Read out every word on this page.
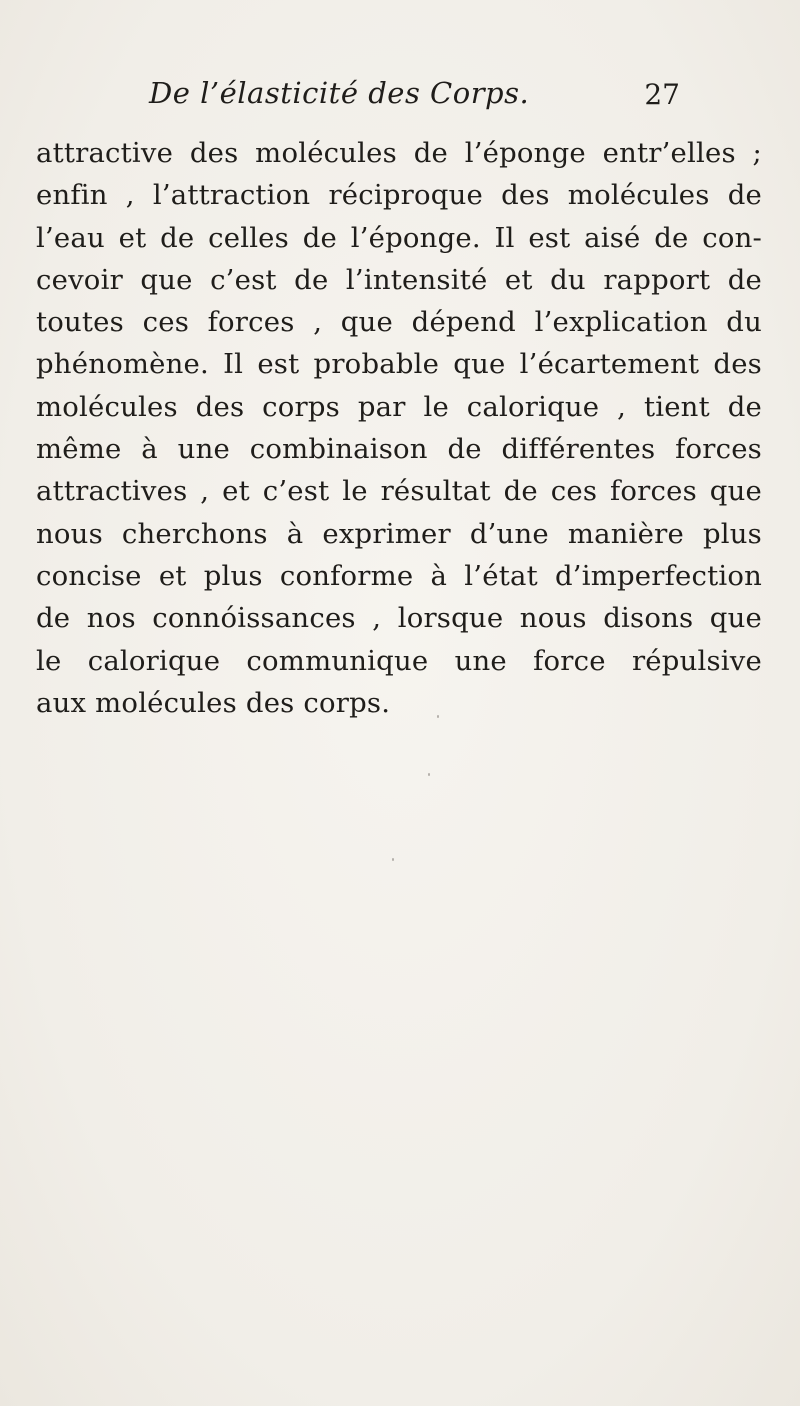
De l’élasticité des Corps.	27
attractive des molécules de l’éponge entr’elles ;
enfin , l’attraction réciproque des molécules de
l’eau et de celles de l’éponge. Il est aisé de con-
cevoir que c’est de l’intensité et du rapport de
toutes ces forces , que dépend l’explication du
phénomène. Il est probable que l’écartement des
molécules des corps par le calorique , tient de
même à une combinaison de différentes forces
attractives , et c’est le résultat de ces forces que
nous cherchons à exprimer d’une manière plus
concise et plus conforme à l’état d’imperfection
de nos connóissances , lorsque nous disons que
le calorique communique une force répulsive
aux molécules des corps.
